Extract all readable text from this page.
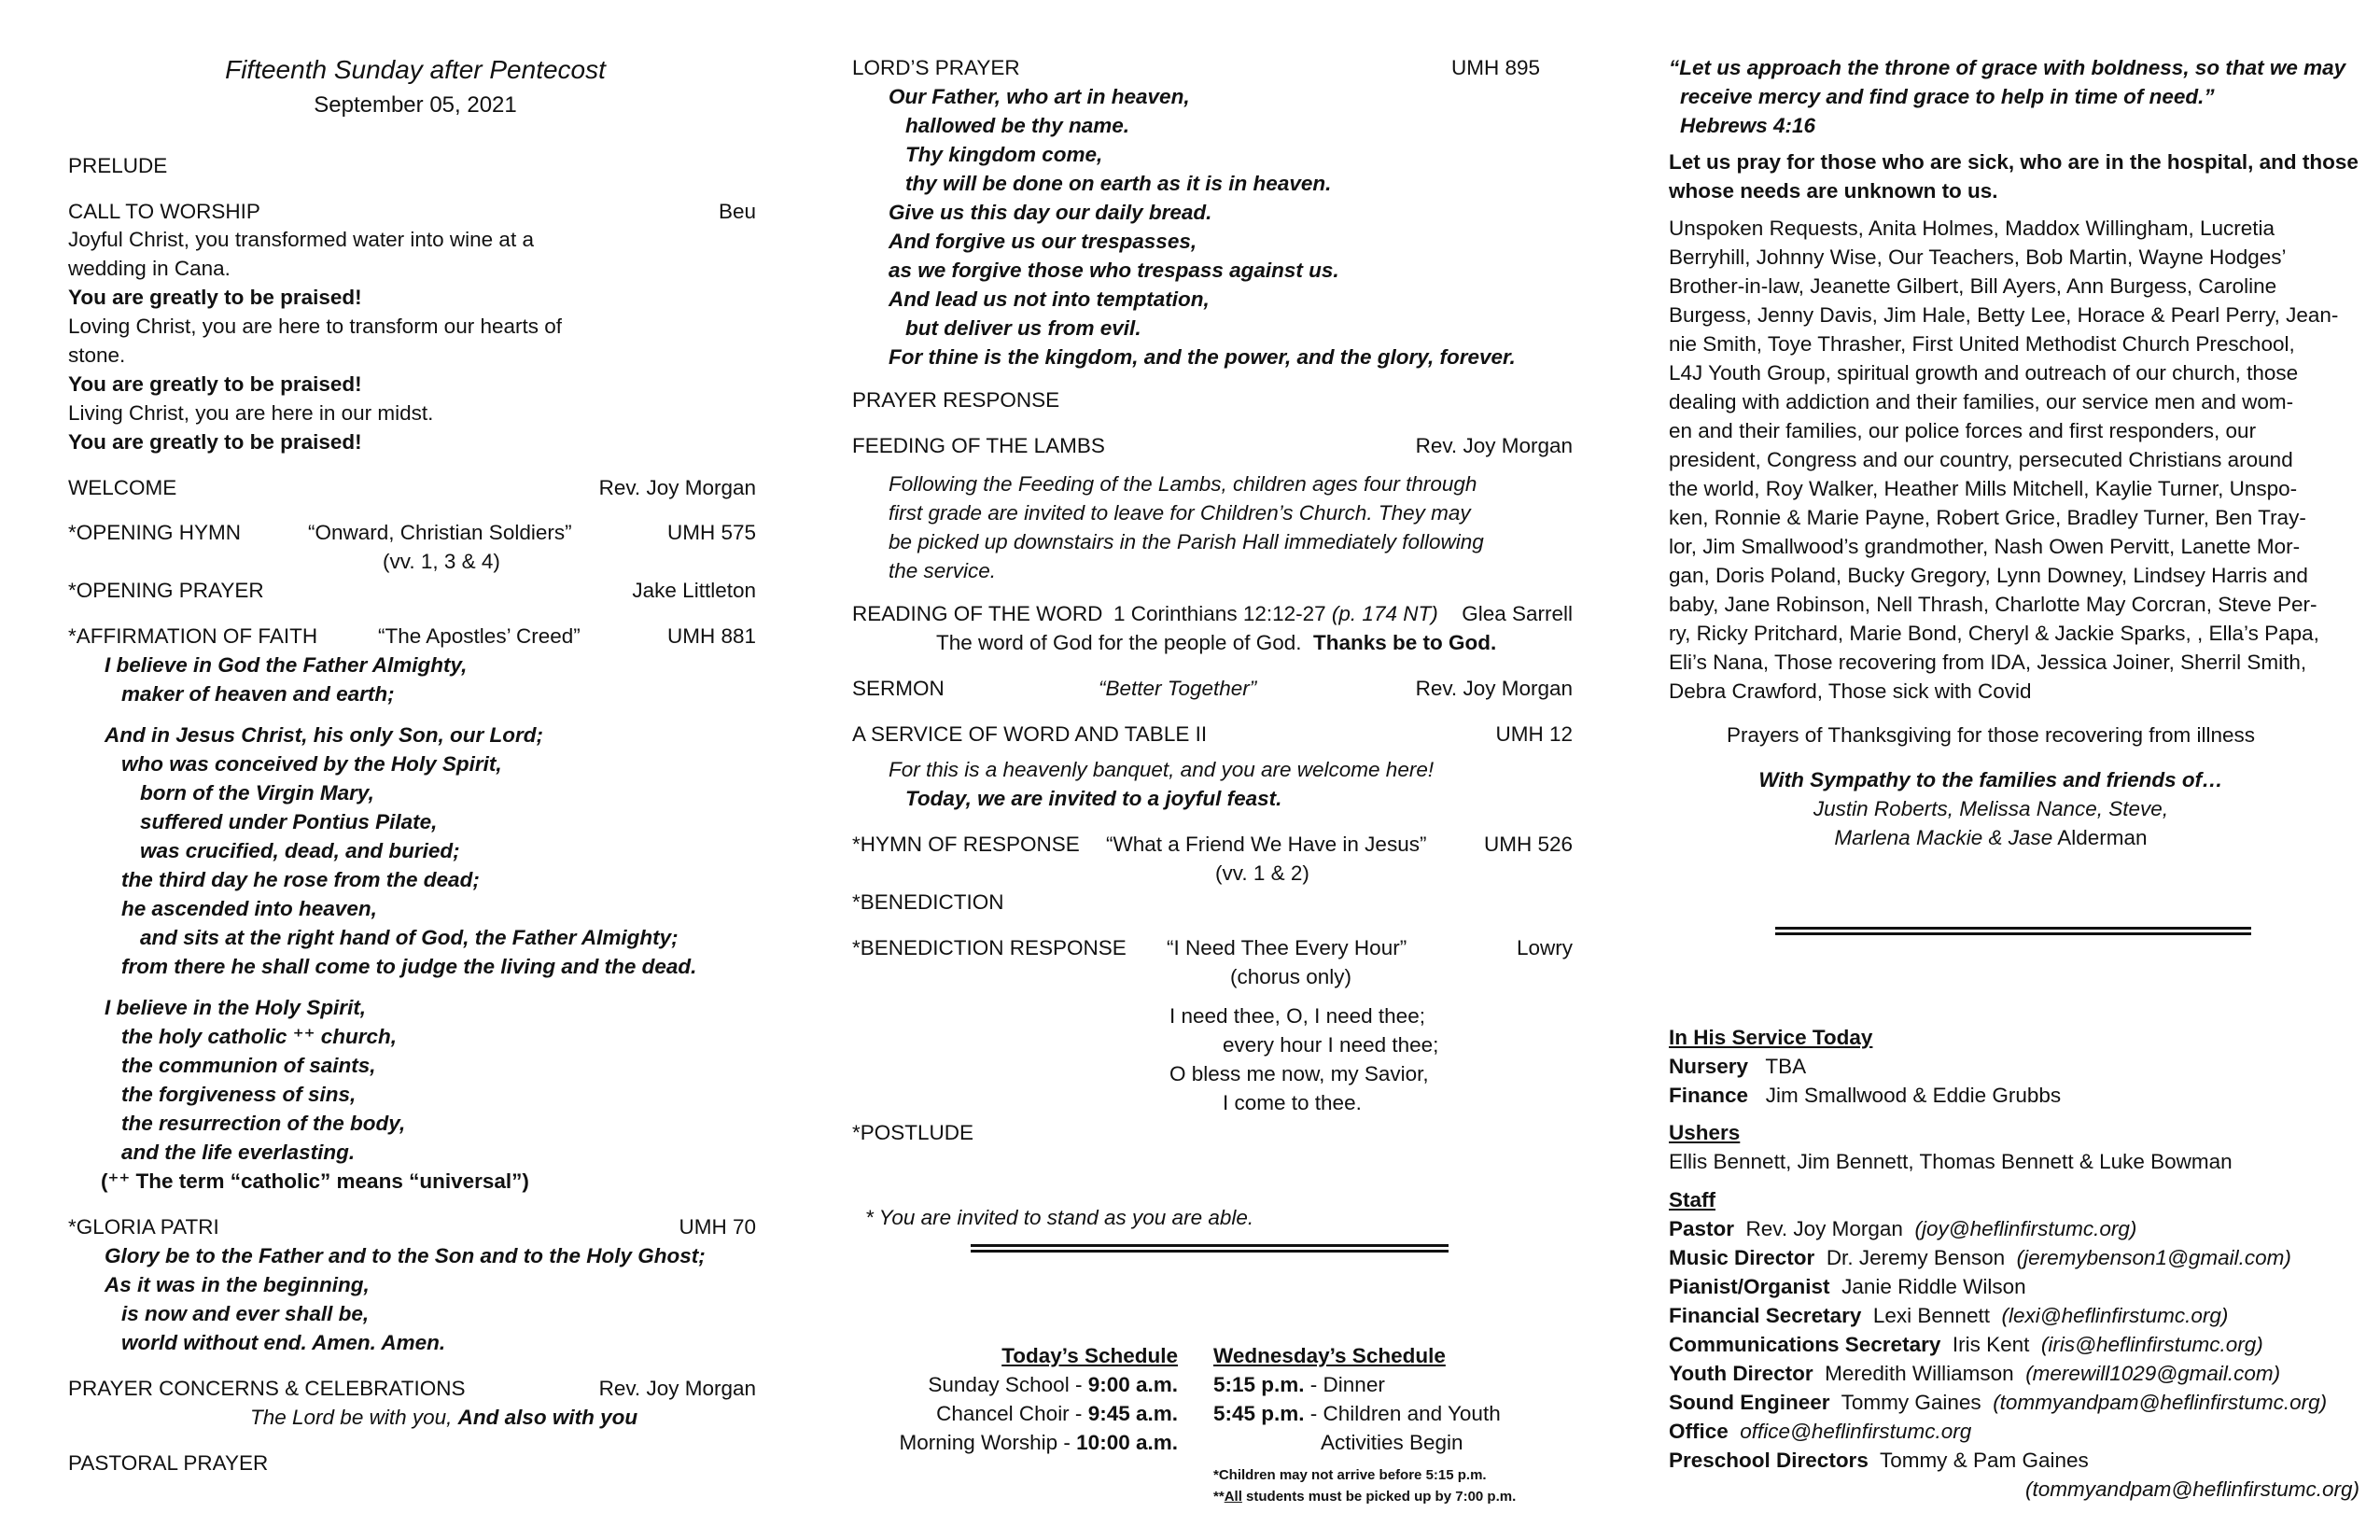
Fifteenth Sunday after Pentecost
September 05, 2021
PRELUDE
CALL TO WORSHIP	Beu
Joyful Christ, you transformed water into wine at a
wedding in Cana.
You are greatly to be praised!
Loving Christ, you are here to transform our hearts of
stone.
You are greatly to be praised!
Living Christ, you are here in our midst.
You are greatly to be praised!
WELCOME	Rev. Joy Morgan
*OPENING HYMN	“Onward, Christian Soldiers”	UMH 575
(vv. 1, 3 & 4)
*OPENING PRAYER	Jake Littleton
*AFFIRMATION OF FAITH	“The Apostles’ Creed”	UMH 881
I believe in God the Father Almighty,
maker of heaven and earth;
And in Jesus Christ, his only Son, our Lord;
who was conceived by the Holy Spirit,
born of the Virgin Mary,
suffered under Pontius Pilate,
was crucified, dead, and buried;
the third day he rose from the dead;
he ascended into heaven,
and sits at the right hand of God, the Father Almighty;
from there he shall come to judge the living and the dead.
I believe in the Holy Spirit,
the holy catholic ⁺⁺ church,
the communion of saints,
the forgiveness of sins,
the resurrection of the body,
and the life everlasting.
(⁺⁺ The term “catholic” means “universal”)
*GLORIA PATRI	UMH 70
Glory be to the Father and to the Son and to the Holy Ghost;
As it was in the beginning,
is now and ever shall be,
world without end. Amen. Amen.
PRAYER CONCERNS & CELEBRATIONS	Rev. Joy Morgan
The Lord be with you, And also with you
PASTORAL PRAYER
LORD’S PRAYER	UMH 895
Our Father, who art in heaven,
hallowed be thy name.
Thy kingdom come,
thy will be done on earth as it is in heaven.
Give us this day our daily bread.
And forgive us our trespasses,
as we forgive those who trespass against us.
And lead us not into temptation,
but deliver us from evil.
For thine is the kingdom, and the power, and the glory, forever.
PRAYER RESPONSE
FEEDING OF THE LAMBS	Rev. Joy Morgan
Following the Feeding of the Lambs, children ages four through
first grade are invited to leave for Children’s Church. They may
be picked up downstairs in the Parish Hall immediately following
the service.
READING OF THE WORD 1 Corinthians 12:12-27 (p. 174 NT)	Glea Sarrell
The word of God for the people of God. Thanks be to God.
SERMON	“Better Together”	Rev. Joy Morgan
A SERVICE OF WORD AND TABLE II	UMH 12
For this is a heavenly banquet, and you are welcome here!
Today, we are invited to a joyful feast.
*HYMN OF RESPONSE “What a Friend We Have in Jesus”	UMH 526
(vv. 1 & 2)
*BENEDICTION
*BENEDICTION RESPONSE “I Need Thee Every Hour”	Lowry
(chorus only)
I need thee, O, I need thee;
every hour I need thee;
O bless me now, my Savior,
I come to thee.
*POSTLUDE
* You are invited to stand as you are able.
Today’s Schedule
Sunday School - 9:00 a.m.
Chancel Choir - 9:45 a.m.
Morning Worship - 10:00 a.m.
Wednesday’s Schedule
5:15 p.m. - Dinner
5:45 p.m. - Children and Youth
Activities Begin
*Children may not arrive before 5:15 p.m.
**All students must be picked up by 7:00 p.m.
“Let us approach the throne of grace with boldness, so that we may
receive mercy and find grace to help in time of need.”
Hebrews 4:16
Let us pray for those who are sick, who are in the hospital, and those
whose needs are unknown to us.
Unspoken Requests, Anita Holmes, Maddox Willingham, Lucretia
Berryhill, Johnny Wise, Our Teachers, Bob Martin, Wayne Hodges’
Brother-in-law, Jeanette Gilbert, Bill Ayers, Ann Burgess, Caroline
Burgess, Jenny Davis, Jim Hale, Betty Lee, Horace & Pearl Perry, Jean-
nie Smith, Toye Thrasher, First United Methodist Church Preschool,
L4J Youth Group, spiritual growth and outreach of our church, those
dealing with addiction and their families, our service men and wom-
en and their families, our police forces and first responders, our
president, Congress and our country, persecuted Christians around
the world, Roy Walker, Heather Mills Mitchell, Kaylie Turner, Unspo-
ken, Ronnie & Marie Payne, Robert Grice, Bradley Turner, Ben Tray-
lor, Jim Smallwood’s grandmother, Nash Owen Pervitt, Lanette Mor-
gan, Doris Poland, Bucky Gregory, Lynn Downey, Lindsey Harris and
baby, Jane Robinson, Nell Thrash, Charlotte May Corcran, Steve Per-
ry, Ricky Pritchard, Marie Bond, Cheryl & Jackie Sparks, , Ella’s Papa,
Eli’s Nana, Those recovering from IDA, Jessica Joiner, Sherril Smith,
Debra Crawford, Those sick with Covid
Prayers of Thanksgiving for those recovering from illness
With Sympathy to the families and friends of…
Justin Roberts, Melissa Nance, Steve,
Marlena Mackie & Jase Alderman
In His Service Today
Nursery TBA
Finance Jim Smallwood & Eddie Grubbs
Ushers
Ellis Bennett, Jim Bennett, Thomas Bennett & Luke Bowman
Staff
Pastor Rev. Joy Morgan (joy@heflinfirstumc.org)
Music Director Dr. Jeremy Benson (jeremybenson1@gmail.com)
Pianist/Organist Janie Riddle Wilson
Financial Secretary Lexi Bennett (lexi@heflinfirstumc.org)
Communications Secretary Iris Kent (iris@heflinfirstumc.org)
Youth Director Meredith Williamson (merewill1029@gmail.com)
Sound Engineer Tommy Gaines (tommyandpam@heflinfirstumc.org)
Office office@heflinfirstumc.org
Preschool Directors Tommy & Pam Gaines
(tommyandpam@heflinfirstumc.org)
